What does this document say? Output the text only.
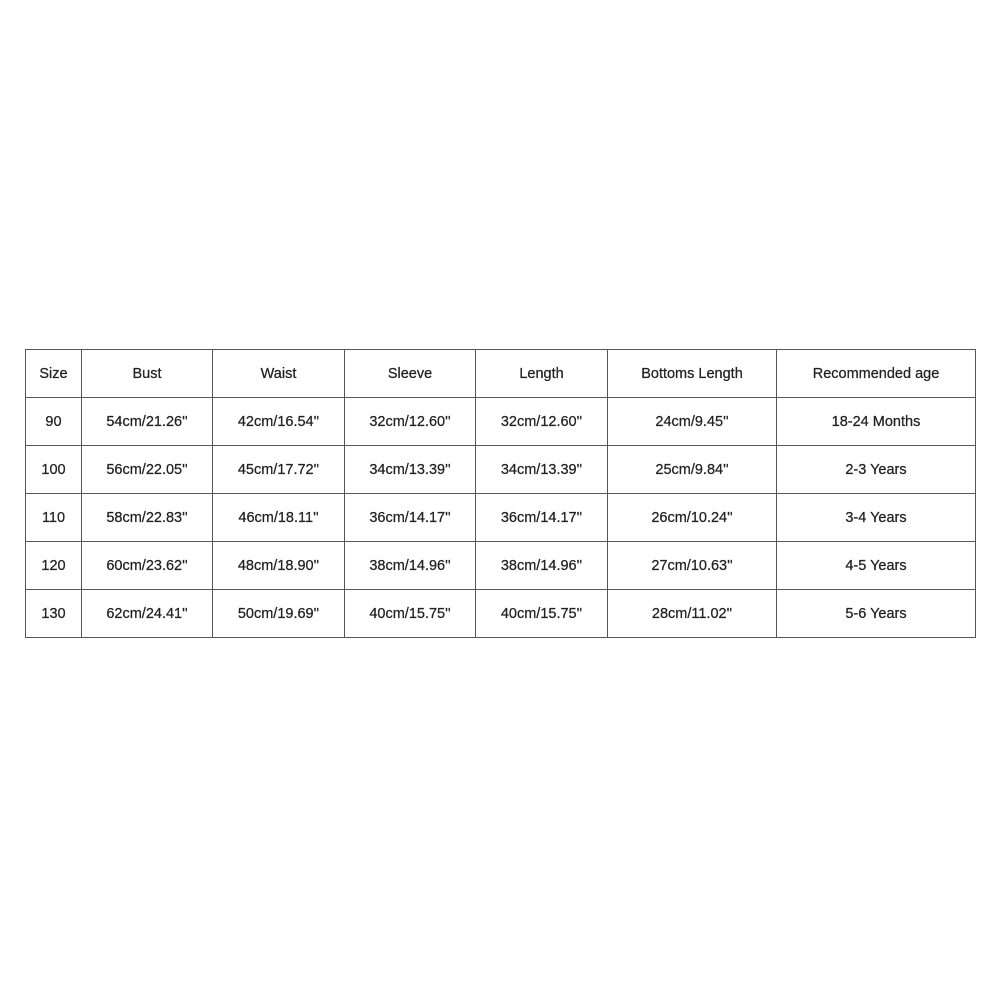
Size	Bust	Waist	Sleeve	Length	Bottoms Length	Recommended age
90	54cm/21.26''	42cm/16.54''	32cm/12.60''	32cm/12.60''	24cm/9.45''	18-24 Months
100	56cm/22.05''	45cm/17.72''	34cm/13.39''	34cm/13.39''	25cm/9.84''	2-3 Years
110	58cm/22.83''	46cm/18.11''	36cm/14.17''	36cm/14.17''	26cm/10.24''	3-4 Years
120	60cm/23.62''	48cm/18.90''	38cm/14.96''	38cm/14.96''	27cm/10.63''	4-5 Years
130	62cm/24.41''	50cm/19.69''	40cm/15.75''	40cm/15.75''	28cm/11.02''	5-6 Years
